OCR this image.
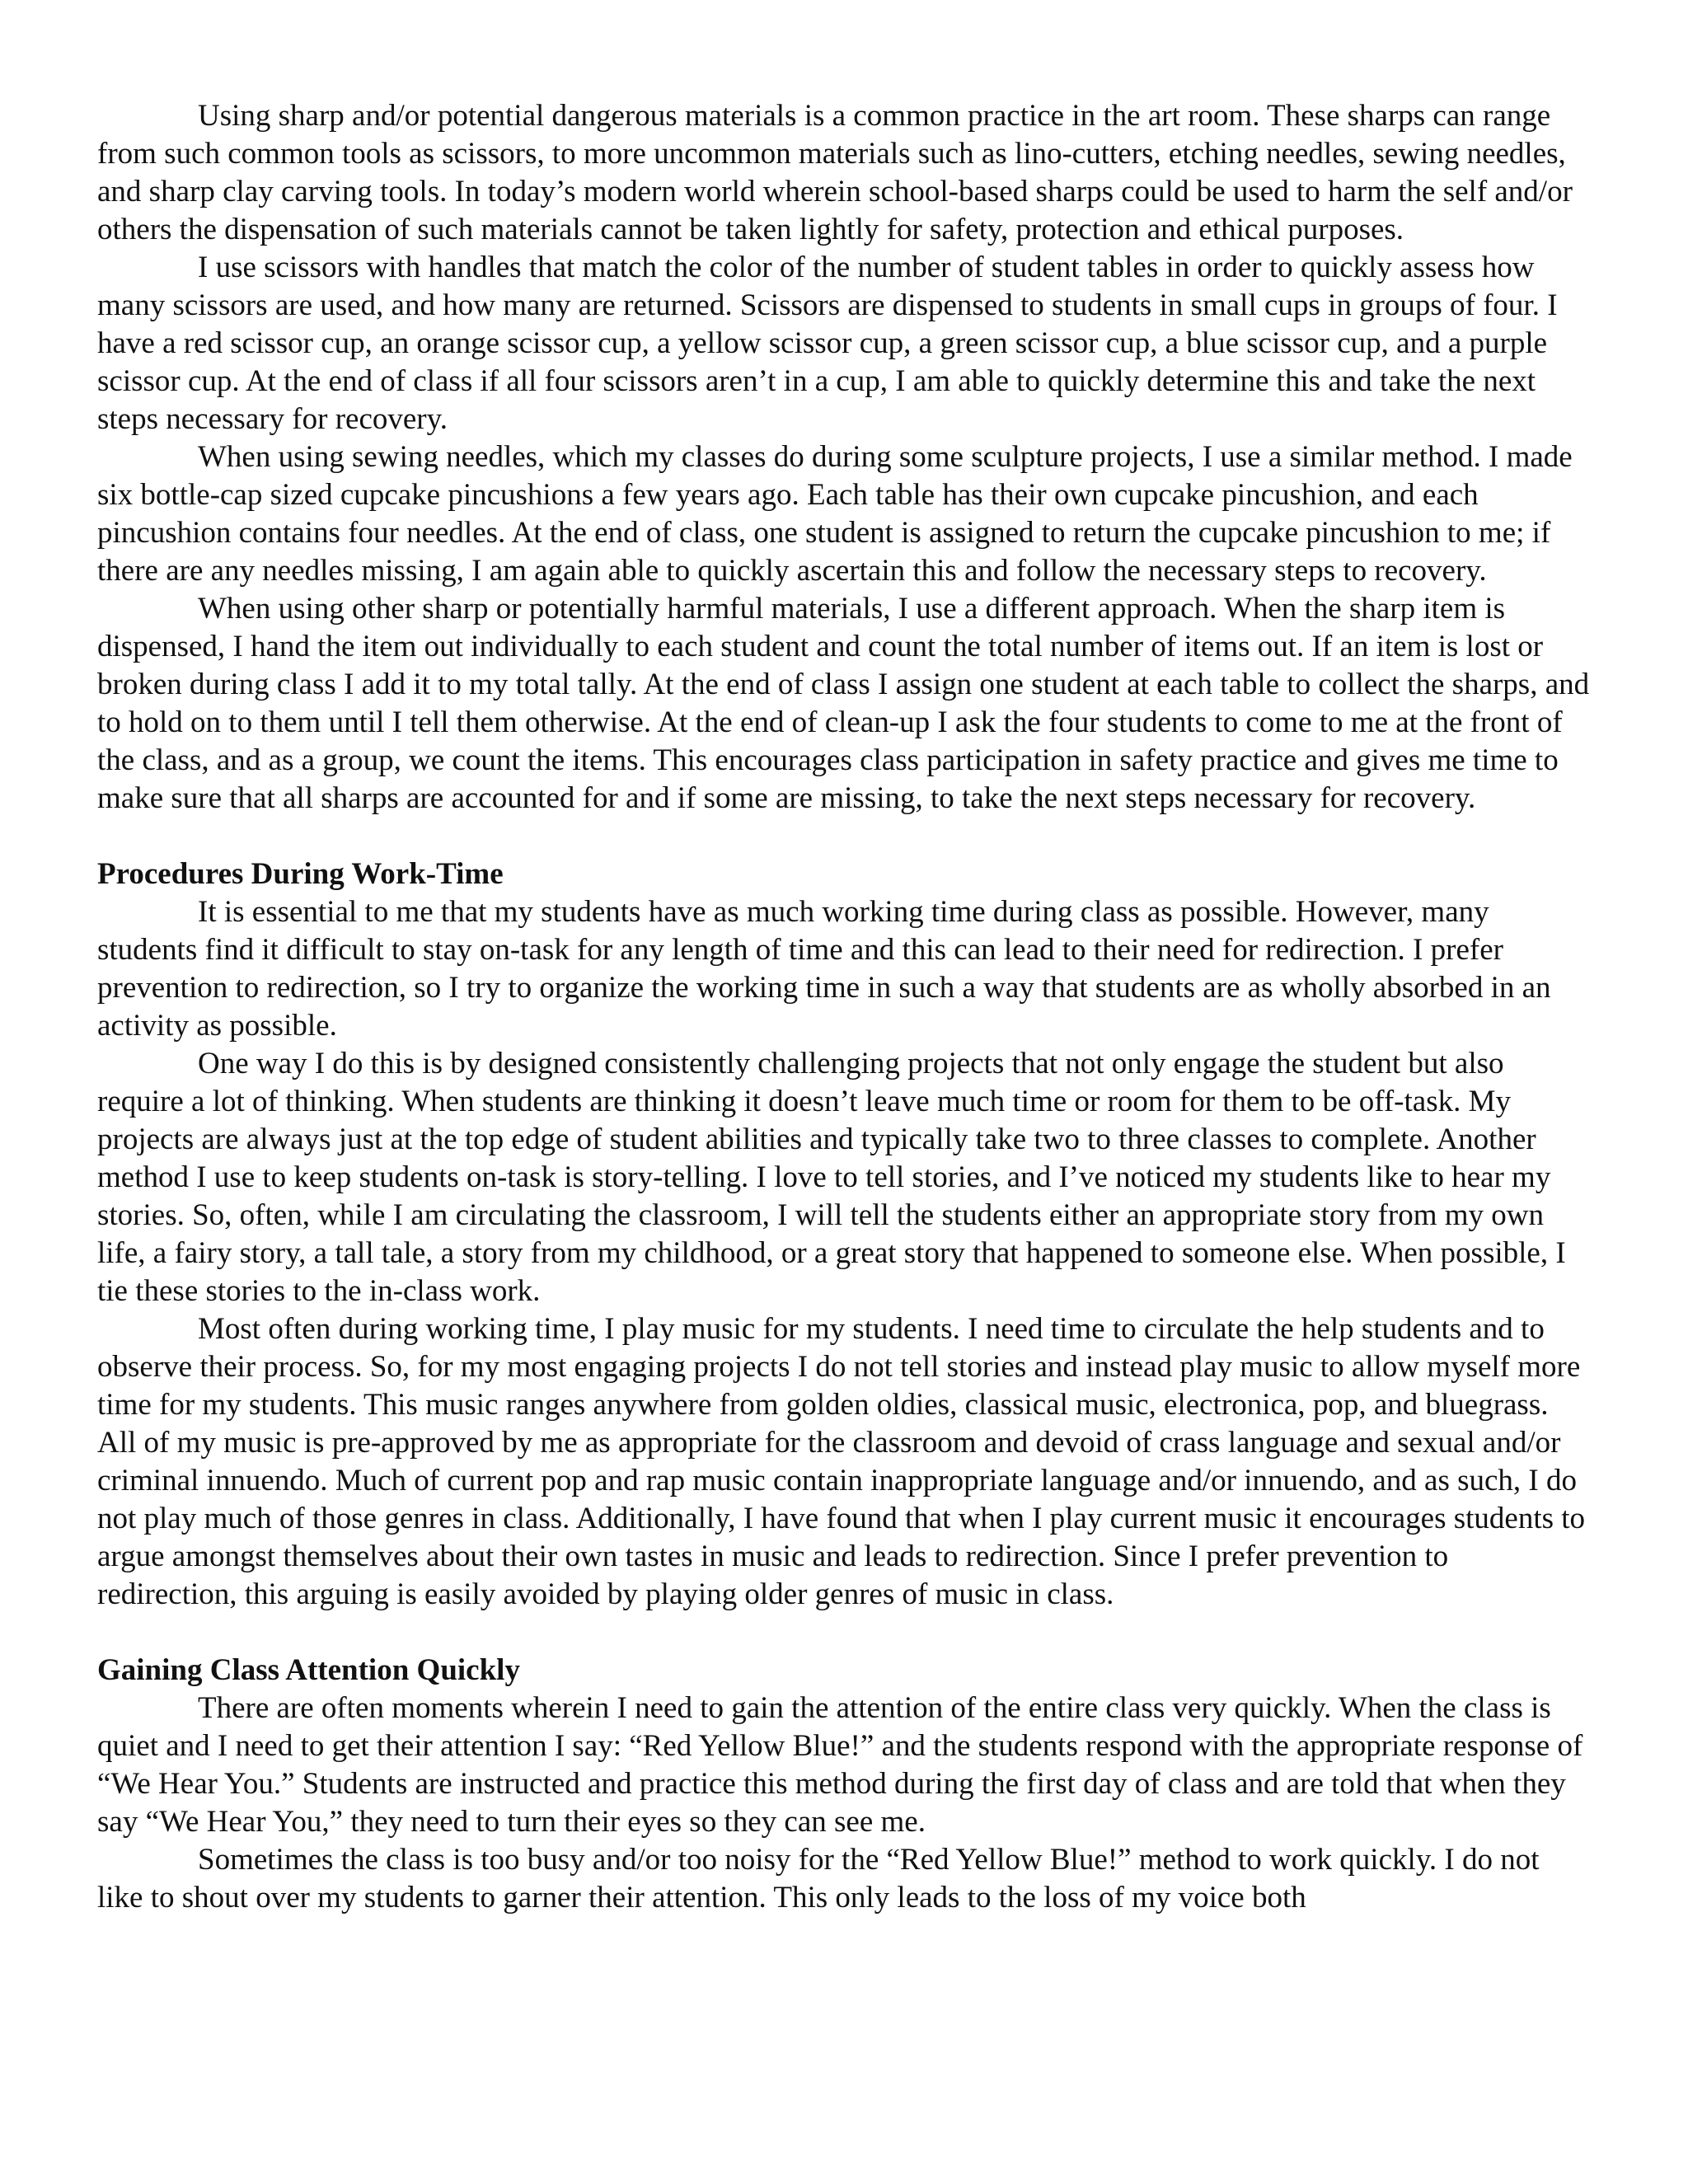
Using sharp and/or potential dangerous materials is a common practice in the art room. These sharps can range from such common tools as scissors, to more uncommon materials such as lino-cutters, etching needles, sewing needles, and sharp clay carving tools. In today’s modern world wherein school-based sharps could be used to harm the self and/or others the dispensation of such materials cannot be taken lightly for safety, protection and ethical purposes.

I use scissors with handles that match the color of the number of student tables in order to quickly assess how many scissors are used, and how many are returned. Scissors are dispensed to students in small cups in groups of four. I have a red scissor cup, an orange scissor cup, a yellow scissor cup, a green scissor cup, a blue scissor cup, and a purple scissor cup. At the end of class if all four scissors aren’t in a cup, I am able to quickly determine this and take the next steps necessary for recovery.

When using sewing needles, which my classes do during some sculpture projects, I use a similar method. I made six bottle-cap sized cupcake pincushions a few years ago. Each table has their own cupcake pincushion, and each pincushion contains four needles. At the end of class, one student is assigned to return the cupcake pincushion to me; if there are any needles missing, I am again able to quickly ascertain this and follow the necessary steps to recovery.

When using other sharp or potentially harmful materials, I use a different approach. When the sharp item is dispensed, I hand the item out individually to each student and count the total number of items out. If an item is lost or broken during class I add it to my total tally. At the end of class I assign one student at each table to collect the sharps, and to hold on to them until I tell them otherwise. At the end of clean-up I ask the four students to come to me at the front of the class, and as a group, we count the items. This encourages class participation in safety practice and gives me time to make sure that all sharps are accounted for and if some are missing, to take the next steps necessary for recovery.

Procedures During Work-Time

It is essential to me that my students have as much working time during class as possible. However, many students find it difficult to stay on-task for any length of time and this can lead to their need for redirection. I prefer prevention to redirection, so I try to organize the working time in such a way that students are as wholly absorbed in an activity as possible.

One way I do this is by designed consistently challenging projects that not only engage the student but also require a lot of thinking. When students are thinking it doesn’t leave much time or room for them to be off-task. My projects are always just at the top edge of student abilities and typically take two to three classes to complete. Another method I use to keep students on-task is story-telling. I love to tell stories, and I’ve noticed my students like to hear my stories. So, often, while I am circulating the classroom, I will tell the students either an appropriate story from my own life, a fairy story, a tall tale, a story from my childhood, or a great story that happened to someone else. When possible, I tie these stories to the in-class work.

Most often during working time, I play music for my students. I need time to circulate the help students and to observe their process. So, for my most engaging projects I do not tell stories and instead play music to allow myself more time for my students. This music ranges anywhere from golden oldies, classical music, electronica, pop, and bluegrass. All of my music is pre-approved by me as appropriate for the classroom and devoid of crass language and sexual and/or criminal innuendo. Much of current pop and rap music contain inappropriate language and/or innuendo, and as such, I do not play much of those genres in class. Additionally, I have found that when I play current music it encourages students to argue amongst themselves about their own tastes in music and leads to redirection. Since I prefer prevention to redirection, this arguing is easily avoided by playing older genres of music in class.

Gaining Class Attention Quickly

There are often moments wherein I need to gain the attention of the entire class very quickly. When the class is quiet and I need to get their attention I say: “Red Yellow Blue!” and the students respond with the appropriate response of “We Hear You.” Students are instructed and practice this method during the first day of class and are told that when they say “We Hear You,” they need to turn their eyes so they can see me.

Sometimes the class is too busy and/or too noisy for the “Red Yellow Blue!” method to work quickly. I do not like to shout over my students to garner their attention. This only leads to the loss of my voice both
